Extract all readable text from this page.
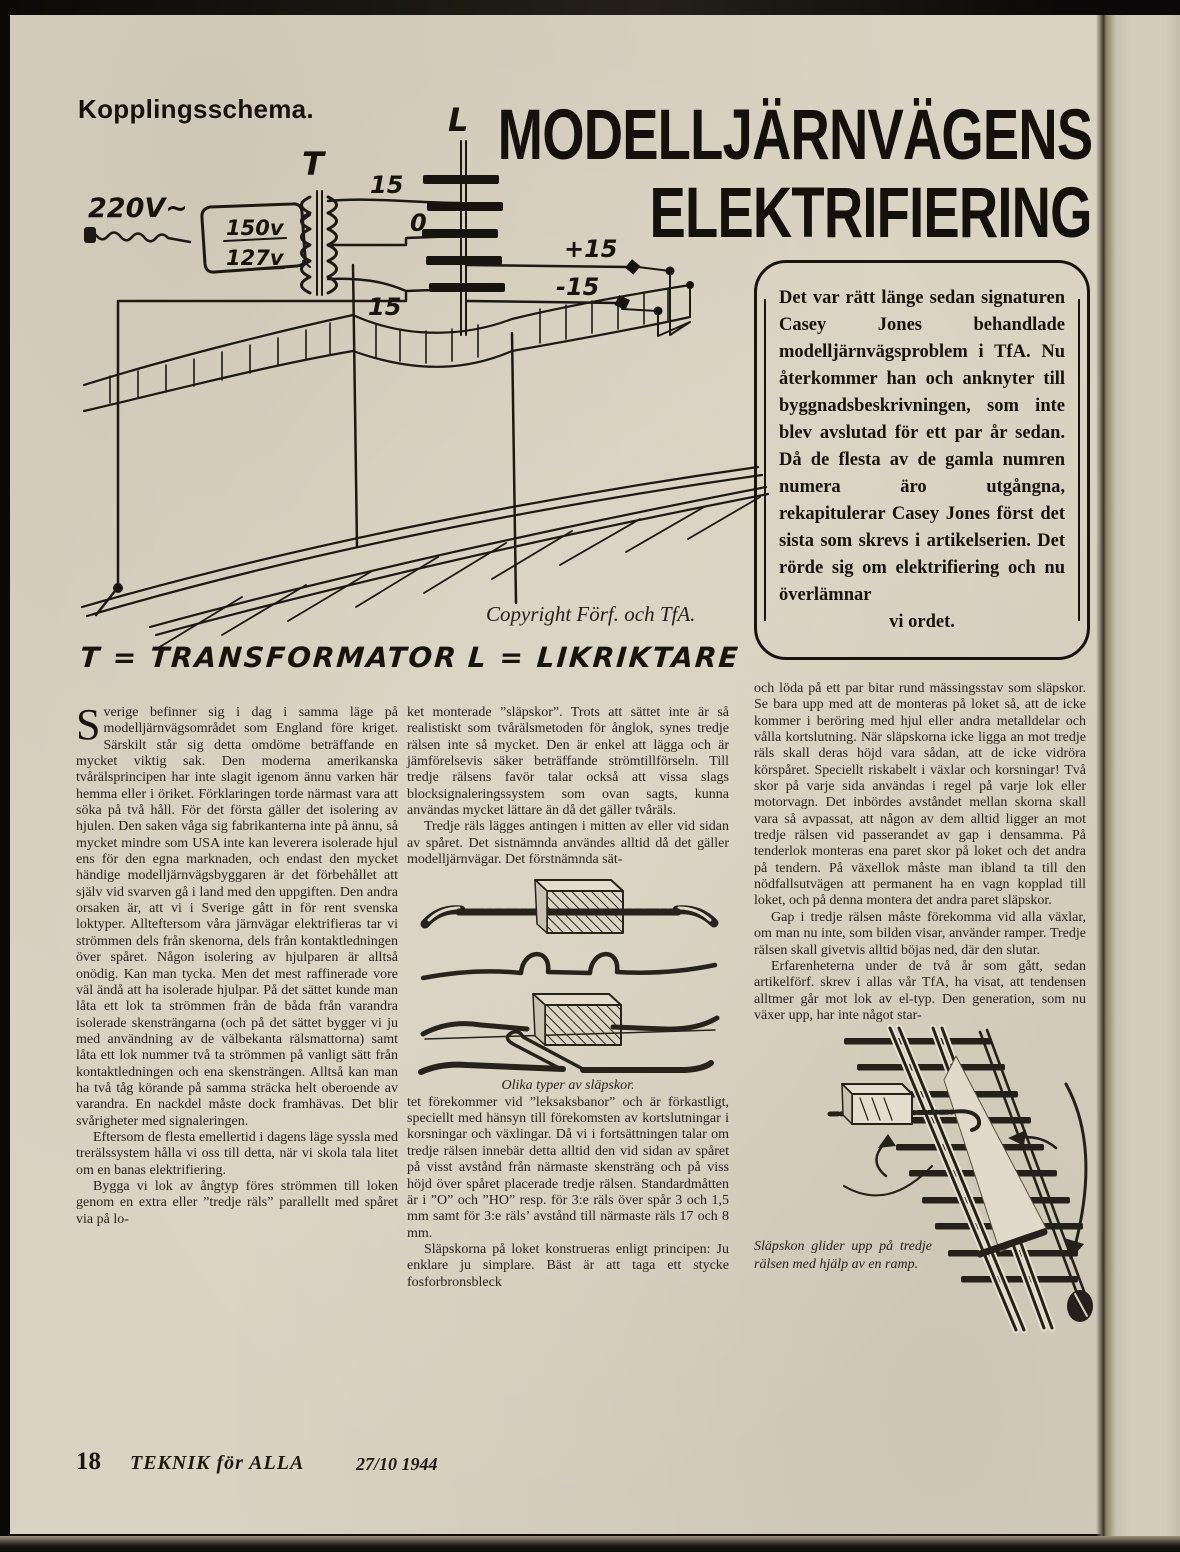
Kopplingsschema.	MODELLJÄRNVÄGENS
ELEKTRIFIERING
220V~
T
150v
127v
15
0
15
L
+15
-15	Det var rätt länge sedan signaturen Casey Jones behandlade modelljärnvägsproblem i TfA. Nu återkommer han och anknyter till byggnadsbeskrivningen, som inte blev avslutad för ett par år sedan. Då de flesta av de gamla numren numera äro utgångna, rekapitulerar Casey Jones först det sista som skrevs i artikelserien. Det rörde sig om elektrifiering och nu överlämnar
vi ordet.
Copyright Förf. och TfA.
T = TRANSFORMATOR L = LIKRIKTARE

Sverige befinner sig i dag i samma läge på modelljärnvägsområdet som England före kriget. Särskilt står sig detta omdöme beträffande en mycket viktig sak. Den moderna amerikanska tvårälsprincipen har inte slagit igenom ännu varken här hemma eller i öriket. Förklaringen torde närmast vara att söka på två håll. För det första gäller det isolering av hjulen. Den saken våga sig fabrikanterna inte på ännu, så mycket mindre som USA inte kan leverera isolerade hjul ens för den egna marknaden, och endast den mycket händige modelljärnvägsbyggaren är det förbehållet att själv vid svarven gå i land med den uppgiften. Den andra orsaken är, att vi i Sverige gått in för rent svenska loktyper. Allteftersom våra järnvägar elektrifieras tar vi strömmen dels från skenorna, dels från kontaktledningen över spåret. Någon isolering av hjulparen är alltså onödig. Kan man tycka. Men det mest raffinerade vore väl ändå att ha isolerade hjulpar. På det sättet kunde man låta ett lok ta strömmen från de båda från varandra isolerade skensträngarna (och på det sättet bygger vi ju med användning av de välbekanta rälsmattorna) samt låta ett lok nummer två ta strömmen på vanligt sätt från kontaktledningen och ena skensträngen. Alltså kan man ha två tåg körande på samma sträcka helt oberoende av varandra. En nackdel måste dock framhävas. Det blir svårigheter med signaleringen.

Eftersom de flesta emellertid i dagens läge syssla med trerälssystem hålla vi oss till detta, när vi skola tala litet om en banas elektrifiering.

Bygga vi lok av ångtyp föres strömmen till loken genom en extra eller ”tredje räls” parallellt med spåret via på lo-

ket monterade ”släpskor”. Trots att sättet inte är så realistiskt som tvårälsmetoden för ånglok, synes tredje rälsen inte så mycket. Den är enkel att lägga och är jämförelsevis säker beträffande strömtillförseln. Till tredje rälsens favör talar också att vissa slags blocksignaleringssystem som ovan sagts, kunna användas mycket lättare än då det gäller tvåräls.

Tredje räls lägges antingen i mitten av eller vid sidan av spåret. Det sistnämnda användes alltid då det gäller modelljärnvägar. Det förstnämnda sät-

Olika typer av släpskor.

tet förekommer vid ”leksaksbanor” och är förkastligt, speciellt med hänsyn till förekomsten av kortslutningar i korsningar och växlingar. Då vi i fortsättningen talar om tredje rälsen innebär detta alltid den vid sidan av spåret på visst avstånd från närmaste skensträng och på viss höjd över spåret placerade tredje rälsen. Standardmåtten är i ”O” och ”HO” resp. för 3:e räls över spår 3 och 1,5 mm samt för 3:e räls’ avstånd till närmaste räls 17 och 8 mm.

Släpskorna på loket konstrueras enligt principen: Ju enklare ju simplare. Bäst är att taga ett stycke fosforbronsbleck

och löda på ett par bitar rund mässingsstav som släpskor. Se bara upp med att de monteras på loket så, att de icke kommer i beröring med hjul eller andra metalldelar och vålla kortslutning. När släpskorna icke ligga an mot tredje räls skall deras höjd vara sådan, att de icke vidröra körspåret. Speciellt riskabelt i växlar och korsningar! Två skor på varje sida användas i regel på varje lok eller motorvagn. Det inbördes avståndet mellan skorna skall vara så avpassat, att någon av dem alltid ligger an mot tredje rälsen vid passerandet av gap i densamma. På tenderlok monteras ena paret skor på loket och det andra på tendern. På växellok måste man ibland ta till den nödfallsutvägen att permanent ha en vagn kopplad till loket, och på denna montera det andra paret släpskor.

Gap i tredje rälsen måste förekomma vid alla växlar, om man nu inte, som bilden visar, använder ramper. Tredje rälsen skall givetvis alltid böjas ned, där den slutar.

Erfarenheterna under de två år som gått, sedan artikelförf. skrev i allas vår TfA, ha visat, att tendensen alltmer går mot lok av el-typ. Den generation, som nu växer upp, har inte något star-

Släpskon glider upp på tredje rälsen med hjälp av en ramp.
18 TEKNIK för ALLA	27/10 1944
